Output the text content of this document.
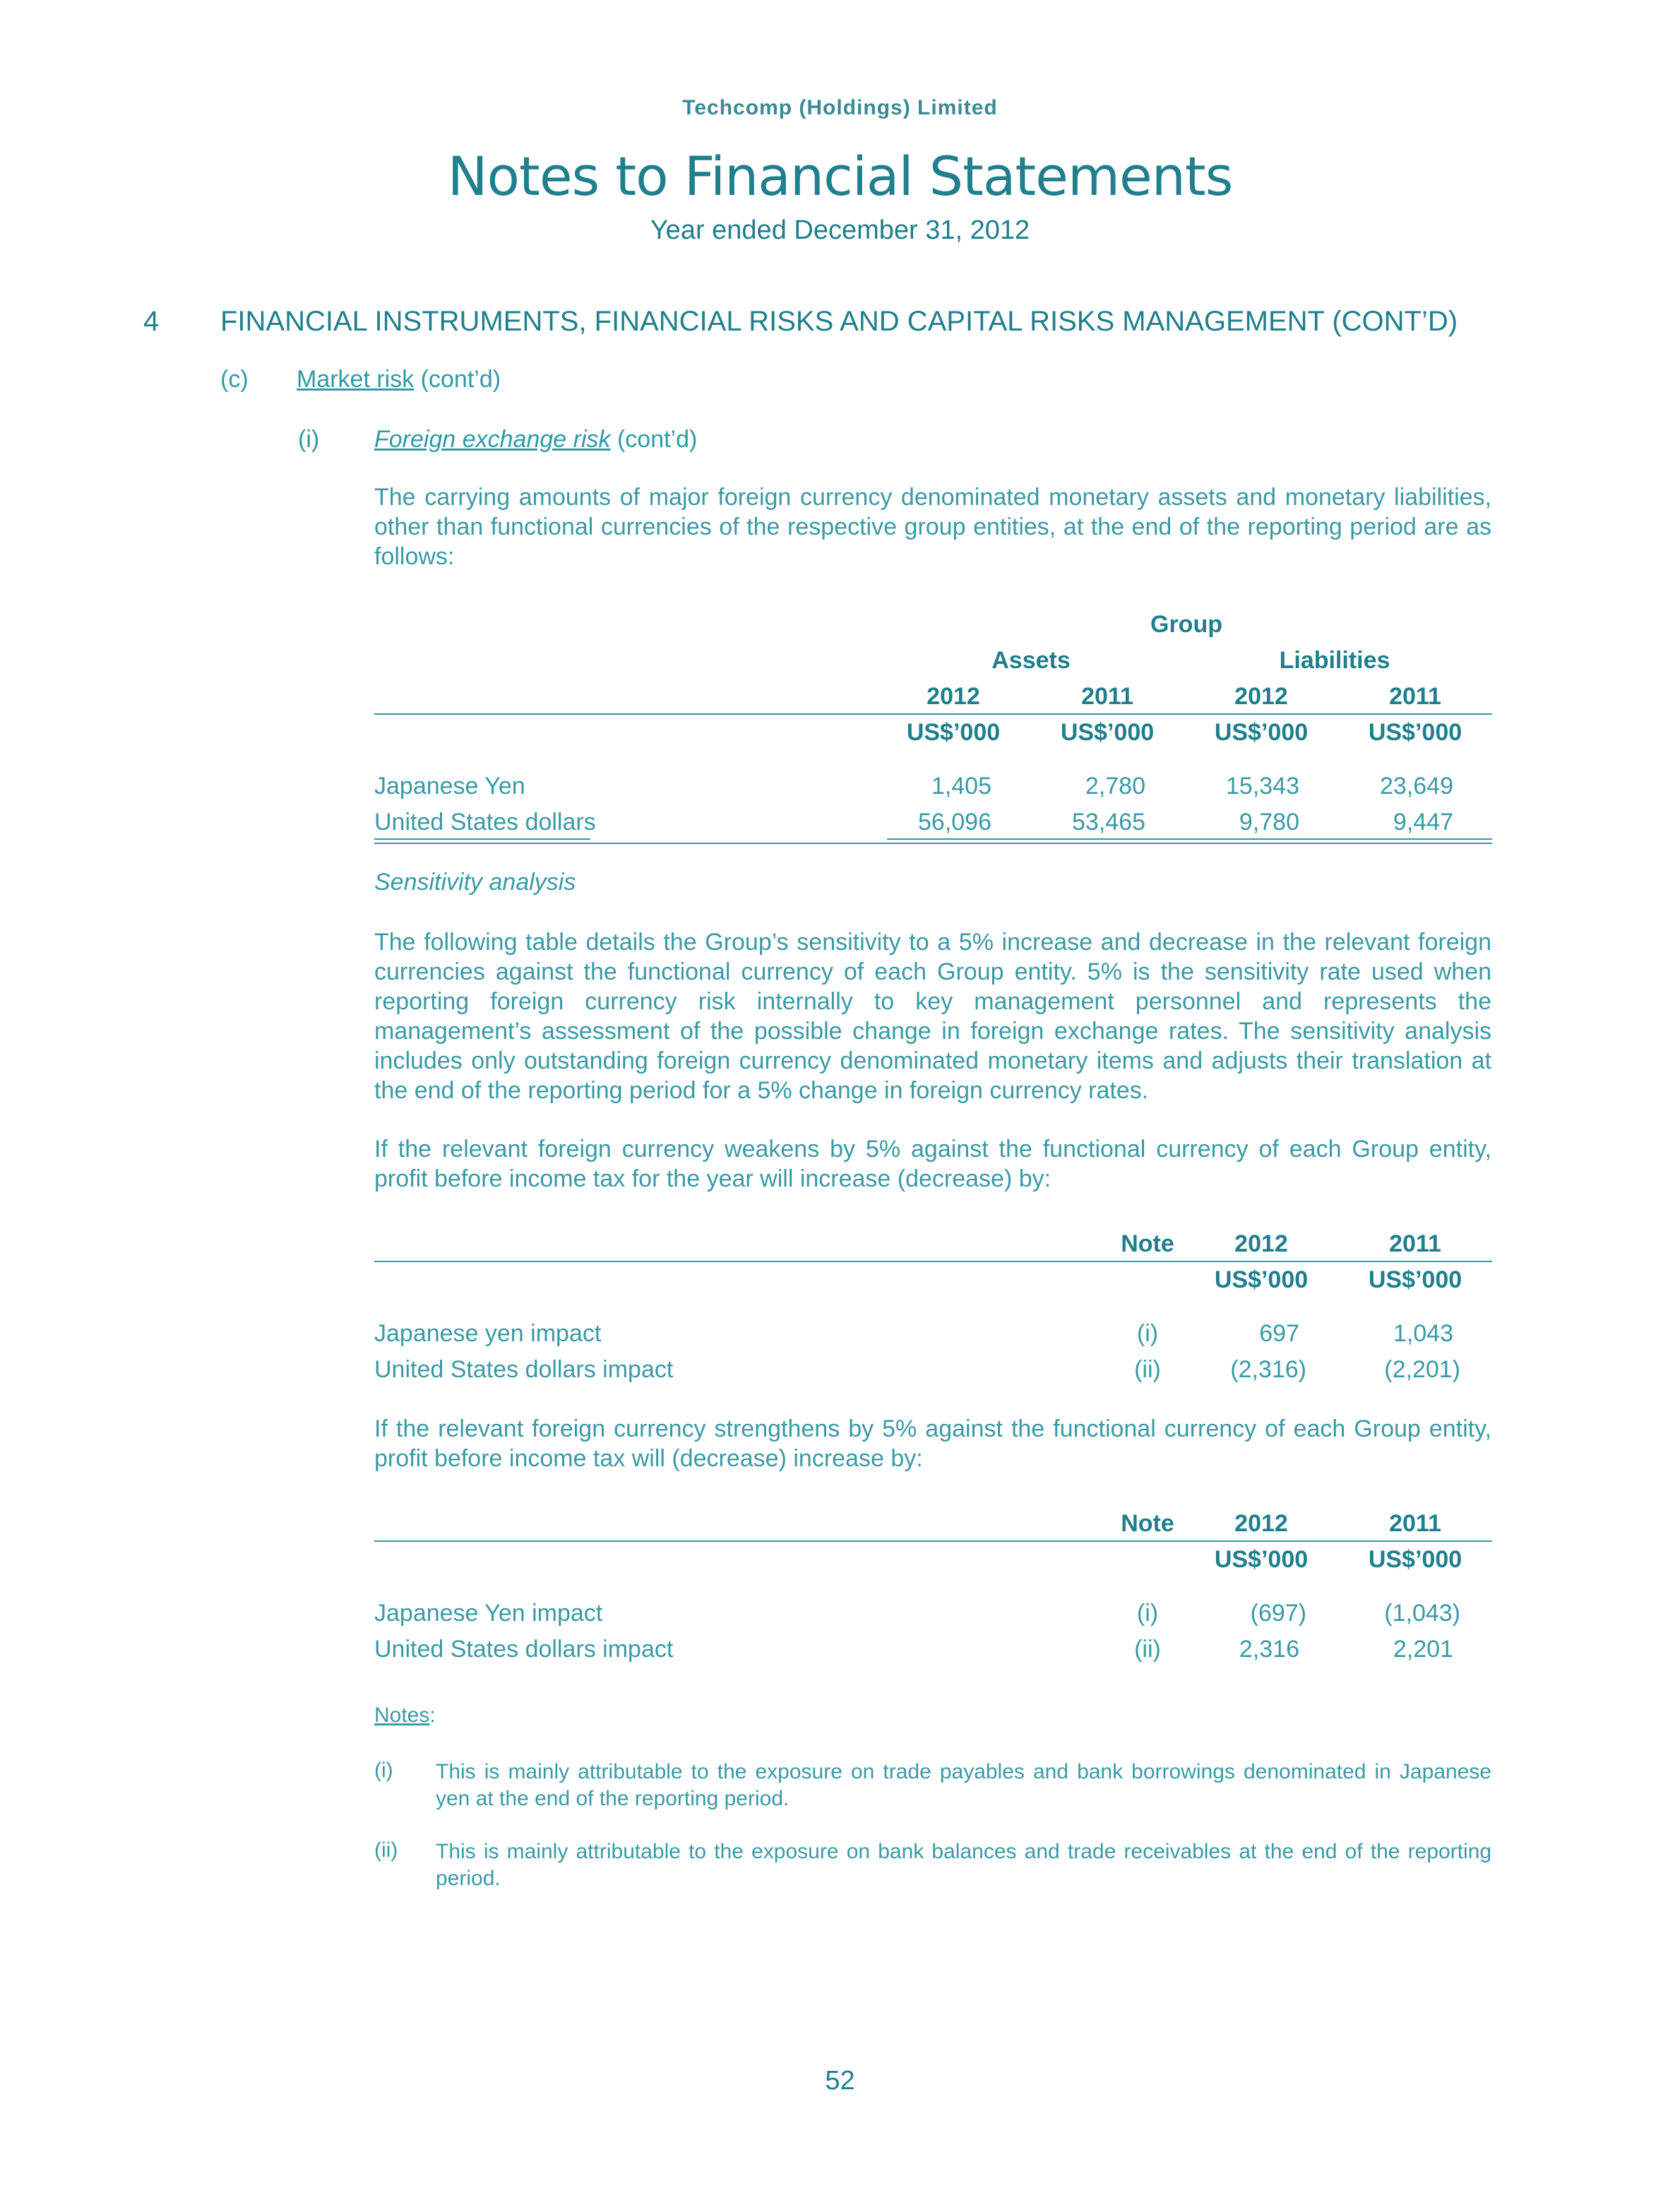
Techcomp (Holdings) Limited
Notes to Financial Statements
Year ended December 31, 2012
4 FINANCIAL INSTRUMENTS, FINANCIAL RISKS AND CAPITAL RISKS MANAGEMENT (CONT’D)
(c) Market risk (cont’d)
(i) Foreign exchange risk (cont’d)
The carrying amounts of major foreign currency denominated monetary assets and monetary liabilities, other than functional currencies of the respective group entities, at the end of the reporting period are as follows:
Group
Assets	Liabilities
2012	2011	2012	2011
US$’000	US$’000	US$’000	US$’000
Japanese Yen	1,405	2,780	15,343	23,649
United States dollars	56,096	53,465	9,780	9,447
Sensitivity analysis
The following table details the Group’s sensitivity to a 5% increase and decrease in the relevant foreign currencies against the functional currency of each Group entity. 5% is the sensitivity rate used when reporting foreign currency risk internally to key management personnel and represents the management’s assessment of the possible change in foreign exchange rates. The sensitivity analysis includes only outstanding foreign currency denominated monetary items and adjusts their translation at the end of the reporting period for a 5% change in foreign currency rates.
If the relevant foreign currency weakens by 5% against the functional currency of each Group entity, profit before income tax for the year will increase (decrease) by:
Note	2012	2011
US$’000	US$’000
Japanese yen impact	(i)	697	1,043
United States dollars impact	(ii)	(2,316)	(2,201)
If the relevant foreign currency strengthens by 5% against the functional currency of each Group entity, profit before income tax will (decrease) increase by:
Note	2012	2011
US$’000	US$’000
Japanese Yen impact	(i)	(697)	(1,043)
United States dollars impact	(ii)	2,316	2,201
Notes:
(i) This is mainly attributable to the exposure on trade payables and bank borrowings denominated in Japanese yen at the end of the reporting period.
(ii) This is mainly attributable to the exposure on bank balances and trade receivables at the end of the reporting period.
52
